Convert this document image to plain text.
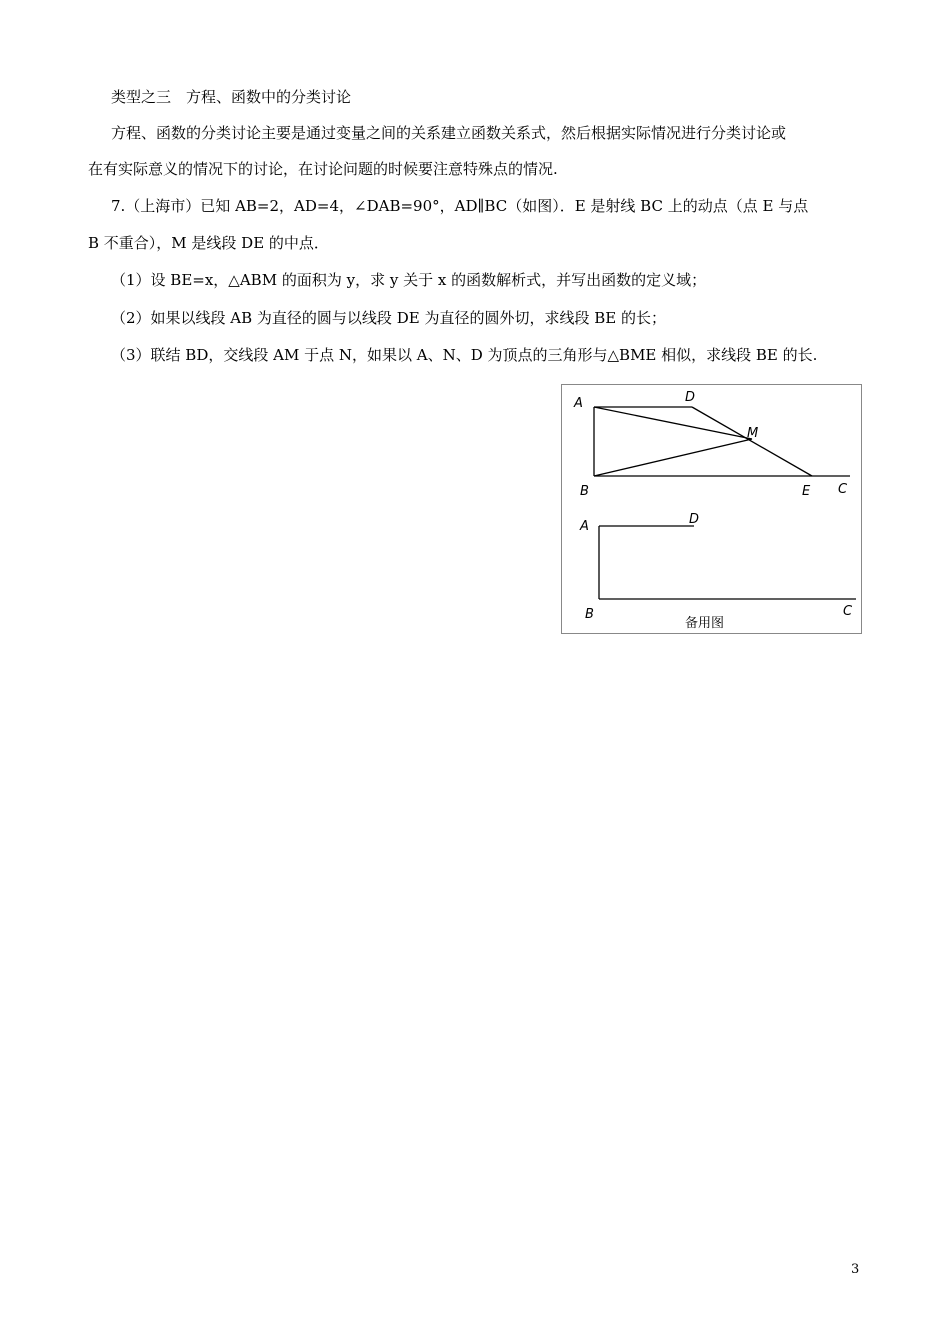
类型之三　方程、函数中的分类讨论
方程、函数的分类讨论主要是通过变量之间的关系建立函数关系式，然后根据实际情况进行分类讨论或
在有实际意义的情况下的讨论，在讨论问题的时候要注意特殊点的情况.
7.（上海市）已知 AB=2，AD=4，∠DAB=90°，AD∥BC（如图）．E 是射线 BC 上的动点（点 E 与点
B 不重合），M 是线段 DE 的中点．
（1）设 BE=x，△ABM 的面积为 y，求 y 关于 x 的函数解析式，并写出函数的定义域；
（2）如果以线段 AB 为直径的圆与以线段 DE 为直径的圆外切，求线段 BE 的长；
（3）联结 BD，交线段 AM 于点 N，如果以 A、N、D 为顶点的三角形与△BME 相似，求线段 BE 的长.
A	D
M
B	E C
A	D
B	C
备用图
3
